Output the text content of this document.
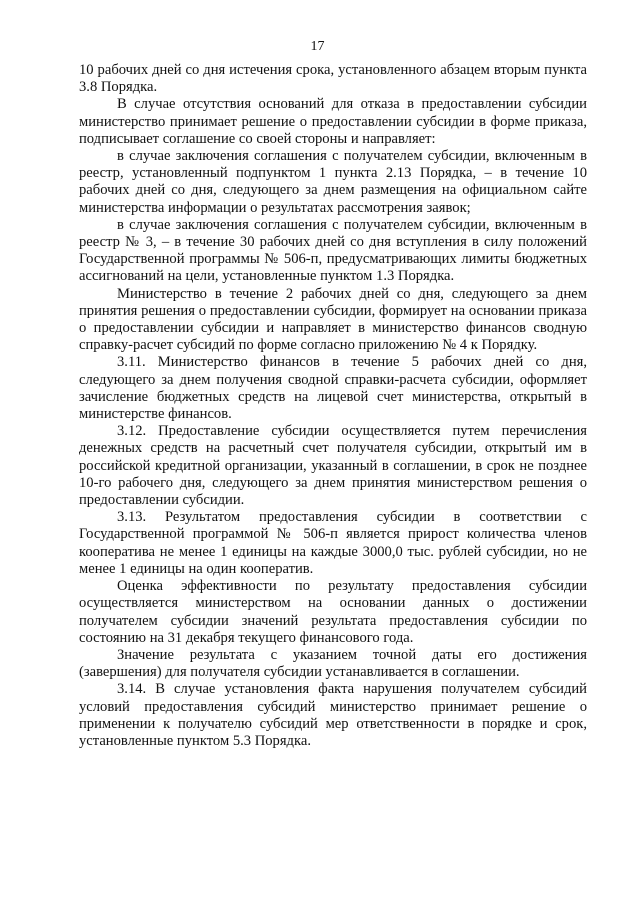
17

10 рабочих дней со дня истечения срока, установленного абзацем вторым пункта 3.8 Порядка.

В случае отсутствия оснований для отказа в предоставлении субсидии министерство принимает решение о предоставлении субсидии в форме приказа, подписывает соглашение со своей стороны и направляет:

в случае заключения соглашения с получателем субсидии, включенным в реестр, установленный подпунктом 1 пункта 2.13 Порядка, – в течение 10 рабочих дней со дня, следующего за днем размещения на официальном сайте министерства информации о результатах рассмотрения заявок;

в случае заключения соглашения с получателем субсидии, включенным в реестр № 3, – в течение 30 рабочих дней со дня вступления в силу положений Государственной программы № 506-п, предусматривающих лимиты бюджетных ассигнований на цели, установленные пунктом 1.3 Порядка.

Министерство в течение 2 рабочих дней со дня, следующего за днем принятия решения о предоставлении субсидии, формирует на основании приказа о предоставлении субсидии и направляет в министерство финансов сводную справку-расчет субсидий по форме согласно приложению № 4 к Порядку.

3.11. Министерство финансов в течение 5 рабочих дней со дня, следующего за днем получения сводной справки-расчета субсидии, оформляет зачисление бюджетных средств на лицевой счет министерства, открытый в министерстве финансов.

3.12. Предоставление субсидии осуществляется путем перечисления денежных средств на расчетный счет получателя субсидии, открытый им в российской кредитной организации, указанный в соглашении, в срок не позднее 10-го рабочего дня, следующего за днем принятия министерством решения о предоставлении субсидии.

3.13. Результатом предоставления субсидии в соответствии с Государственной программой № 506-п является прирост количества членов кооператива не менее 1 единицы на каждые 3000,0 тыс. рублей субсидии, но не менее 1 единицы на один кооператив.

Оценка эффективности по результату предоставления субсидии осуществляется министерством на основании данных о достижении получателем субсидии значений результата предоставления субсидии по состоянию на 31 декабря текущего финансового года.

Значение результата с указанием точной даты его достижения (завершения) для получателя субсидии устанавливается в соглашении.

3.14. В случае установления факта нарушения получателем субсидий условий предоставления субсидий министерство принимает решение о применении к получателю субсидий мер ответственности в порядке и срок, установленные пунктом 5.3 Порядка.
